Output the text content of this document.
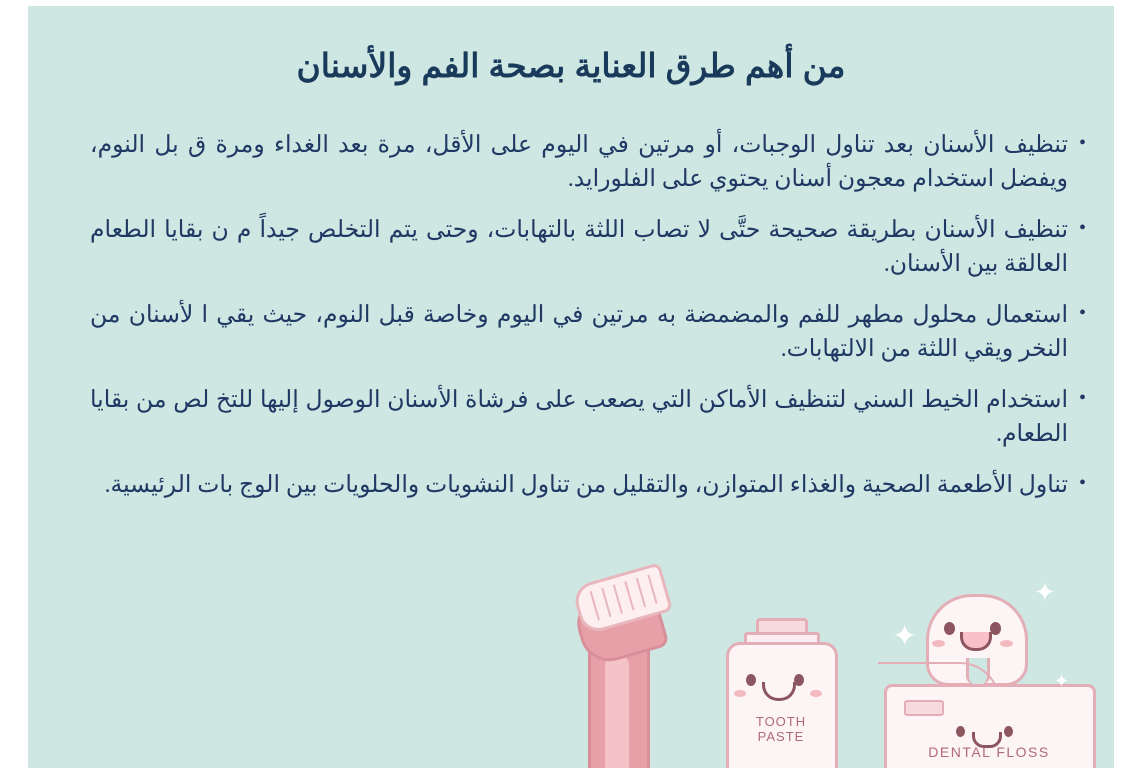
من أهم طرق العناية بصحة الفم والأسنان
•
تنظيف الأسنان بعد تناول الوجبات، أو مرتين في اليوم على الأقل، مرة بعد الغداء ومرة ق بل النوم، ويفضل استخدام معجون أسنان يحتوي على الفلورايد.
•
تنظيف الأسنان بطريقة صحيحة حتَّى لا تصاب اللثة بالتهابات، وحتى يتم التخلص جيداً م ن بقايا الطعام العالقة بين الأسنان.
•
استعمال محلول مطهر للفم والمضمضة به مرتين في اليوم وخاصة قبل النوم، حيث يقي ا لأسنان من النخر ويقي اللثة من الالتهابات.
•
استخدام الخيط السني لتنظيف الأماكن التي يصعب على فرشاة الأسنان الوصول إليها للتخ لص من بقايا الطعام.
•
تناول الأطعمة الصحية والغذاء المتوازن، والتقليل من تناول النشويات والحلويات بين الوج بات الرئيسية.
TOOTH
PASTE
DENTAL FLOSS
✦
✦
✦
